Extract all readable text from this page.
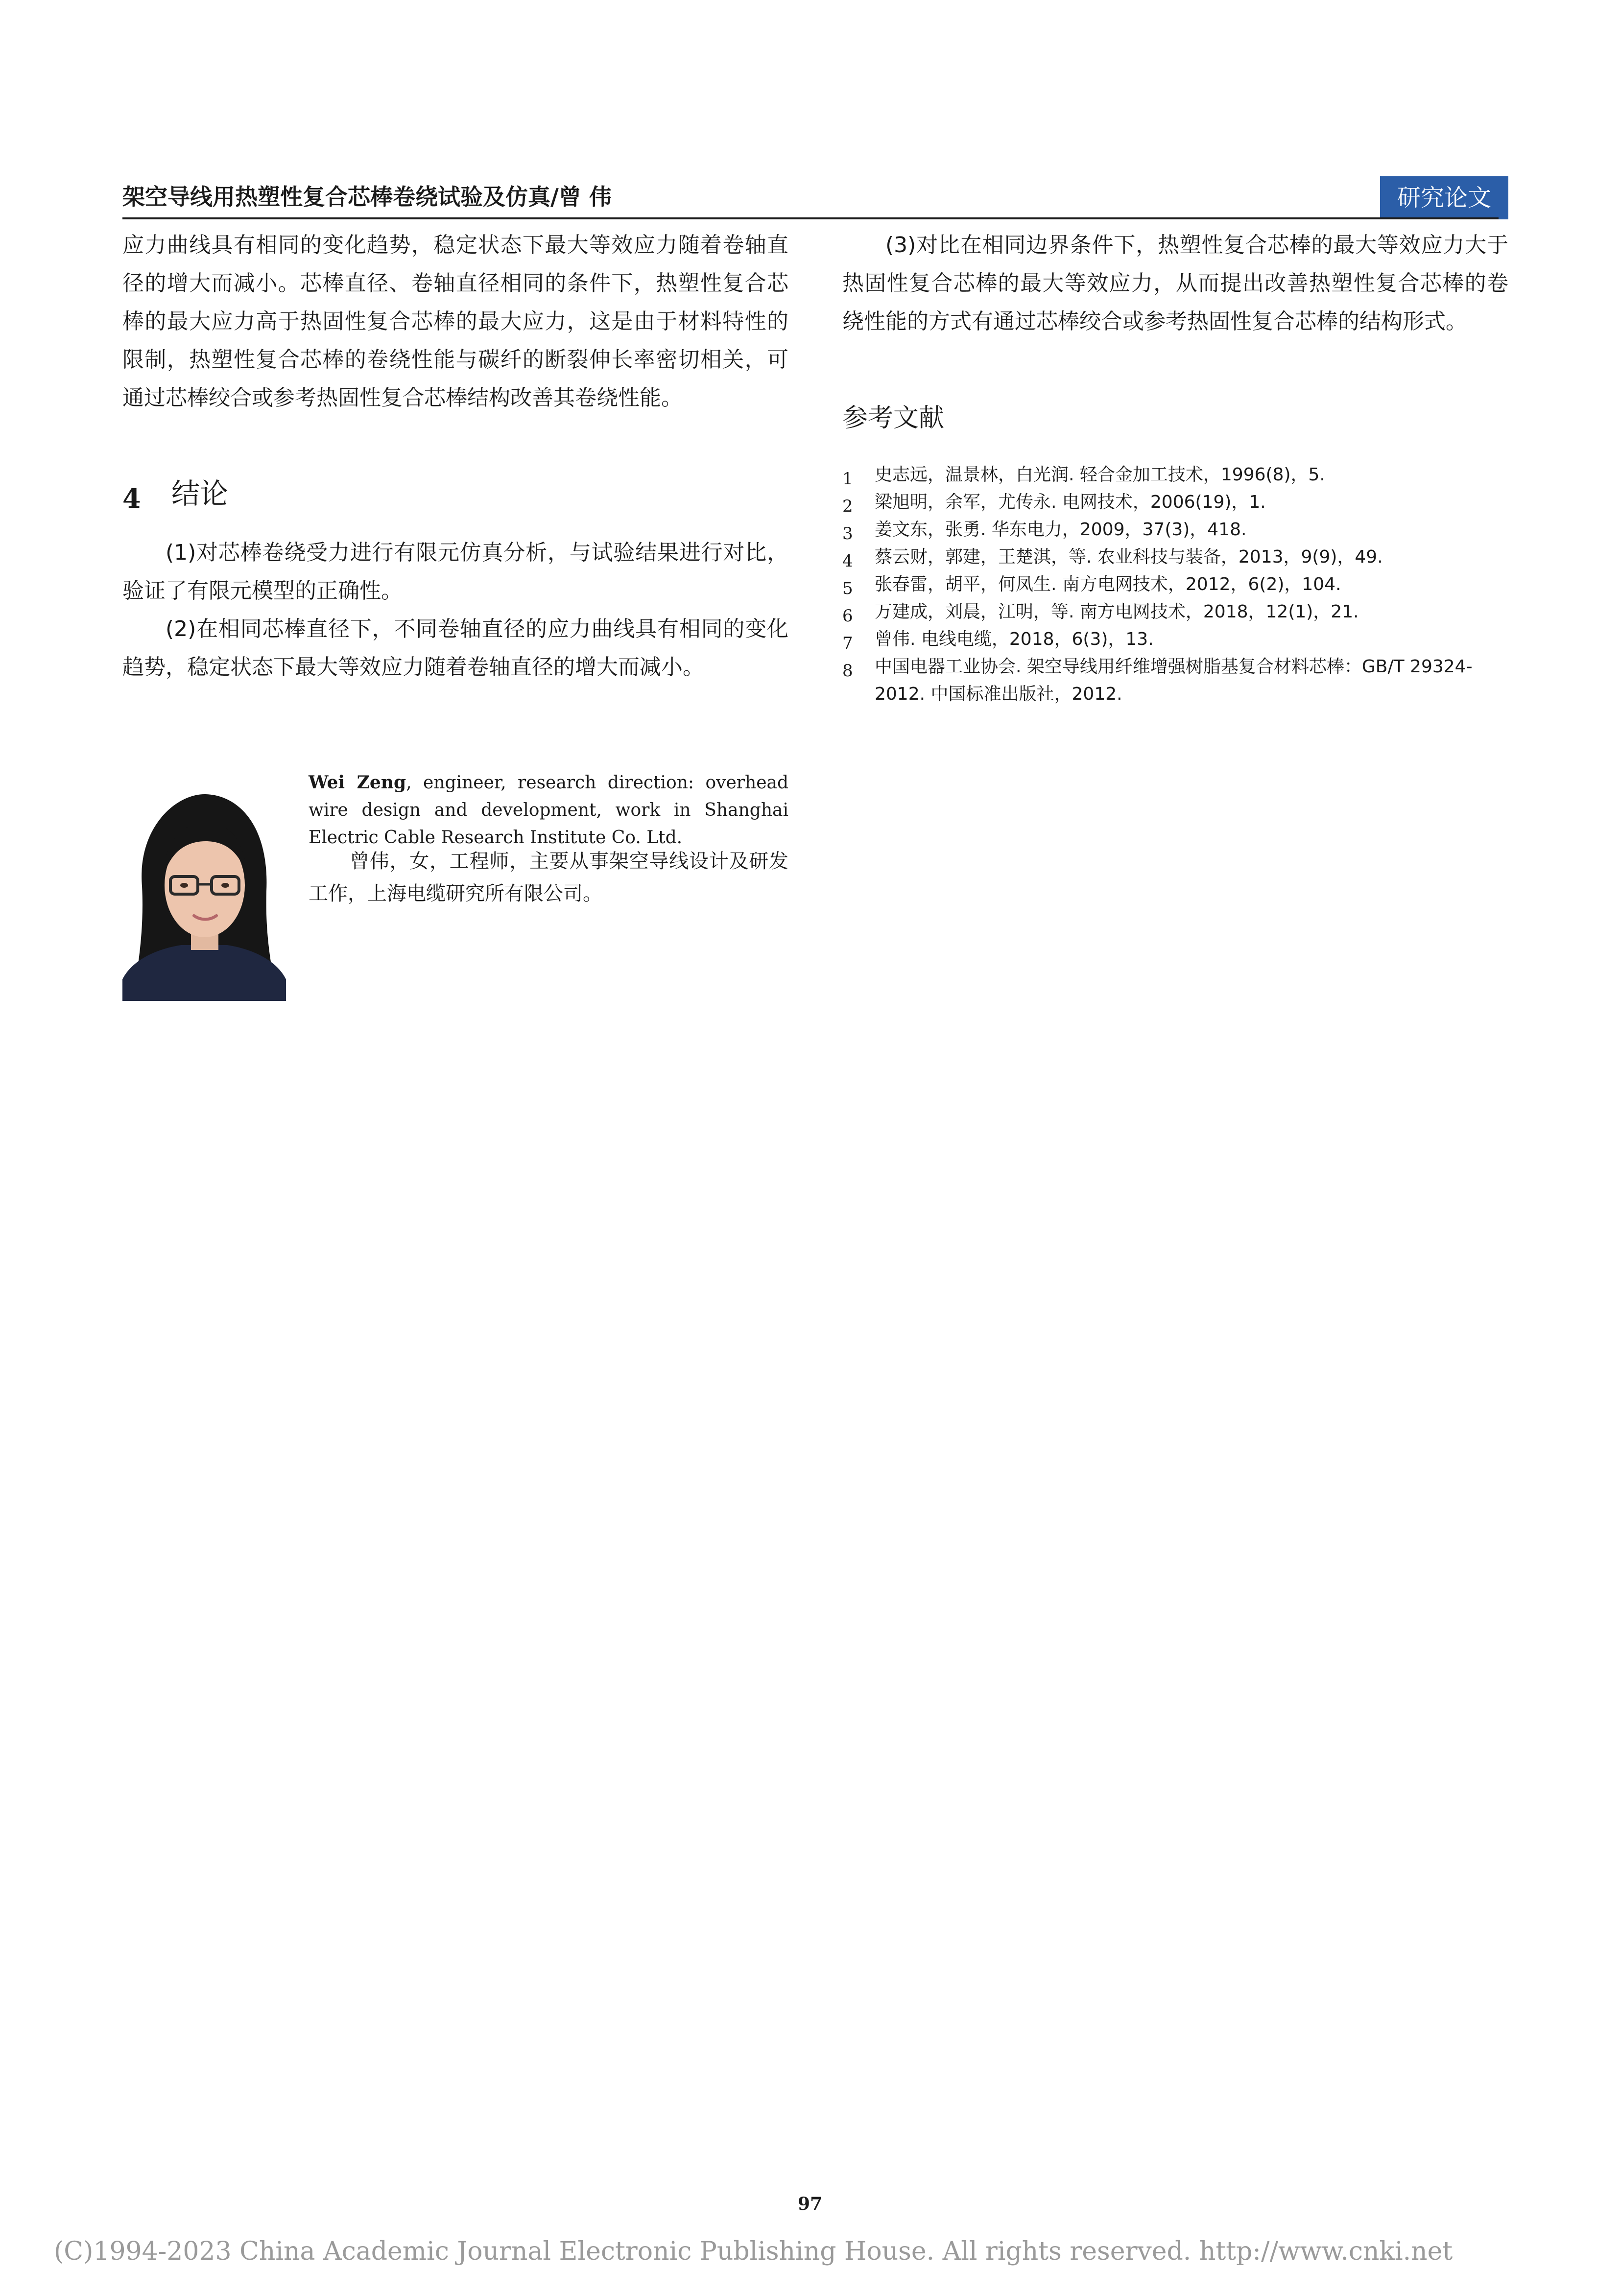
架空导线用热塑性复合芯棒卷绕试验及仿真/曾 伟	研究论文

应力曲线具有相同的变化趋势，稳定状态下最大等效应力随着卷轴直径的增大而减小。芯棒直径、卷轴直径相同的条件下，热塑性复合芯棒的最大应力高于热固性复合芯棒的最大应力，这是由于材料特性的限制，热塑性复合芯棒的卷绕性能与碳纤的断裂伸长率密切相关，可通过芯棒绞合或参考热固性复合芯棒结构改善其卷绕性能。

4 结论

(1)对芯棒卷绕受力进行有限元仿真分析，与试验结果进行对比，验证了有限元模型的正确性。

(2)在相同芯棒直径下，不同卷轴直径的应力曲线具有相同的变化趋势，稳定状态下最大等效应力随着卷轴直径的增大而减小。

(3)对比在相同边界条件下，热塑性复合芯棒的最大等效应力大于热固性复合芯棒的最大等效应力，从而提出改善热塑性复合芯棒的卷绕性能的方式有通过芯棒绞合或参考热固性复合芯棒的结构形式。

参考文献
1 史志远，温景林，白光润. 轻合金加工技术，1996(8)，5.
2 梁旭明，余军，尤传永. 电网技术，2006(19)，1.
3 姜文东，张勇. 华东电力，2009，37(3)，418.
4 蔡云财，郭建，王楚淇，等. 农业科技与装备，2013，9(9)，49.
5 张春雷，胡平，何凤生. 南方电网技术，2012，6(2)，104.
6 万建成，刘晨，江明，等. 南方电网技术，2018，12(1)，21.
7 曾伟. 电线电缆，2018，6(3)，13.
8 中国电器工业协会. 架空导线用纤维增强树脂基复合材料芯棒：GB/T 29324-2012. 中国标准出版社，2012.
Wei Zeng, engineer, research direction: overhead wire design and development, work in Shanghai Electric Cable Research Institute Co. Ltd.
曾伟，女，工程师，主要从事架空导线设计及研发工作，上海电缆研究所有限公司。
97
(C)1994-2023 China Academic Journal Electronic Publishing House. All rights reserved. http://www.cnki.net
